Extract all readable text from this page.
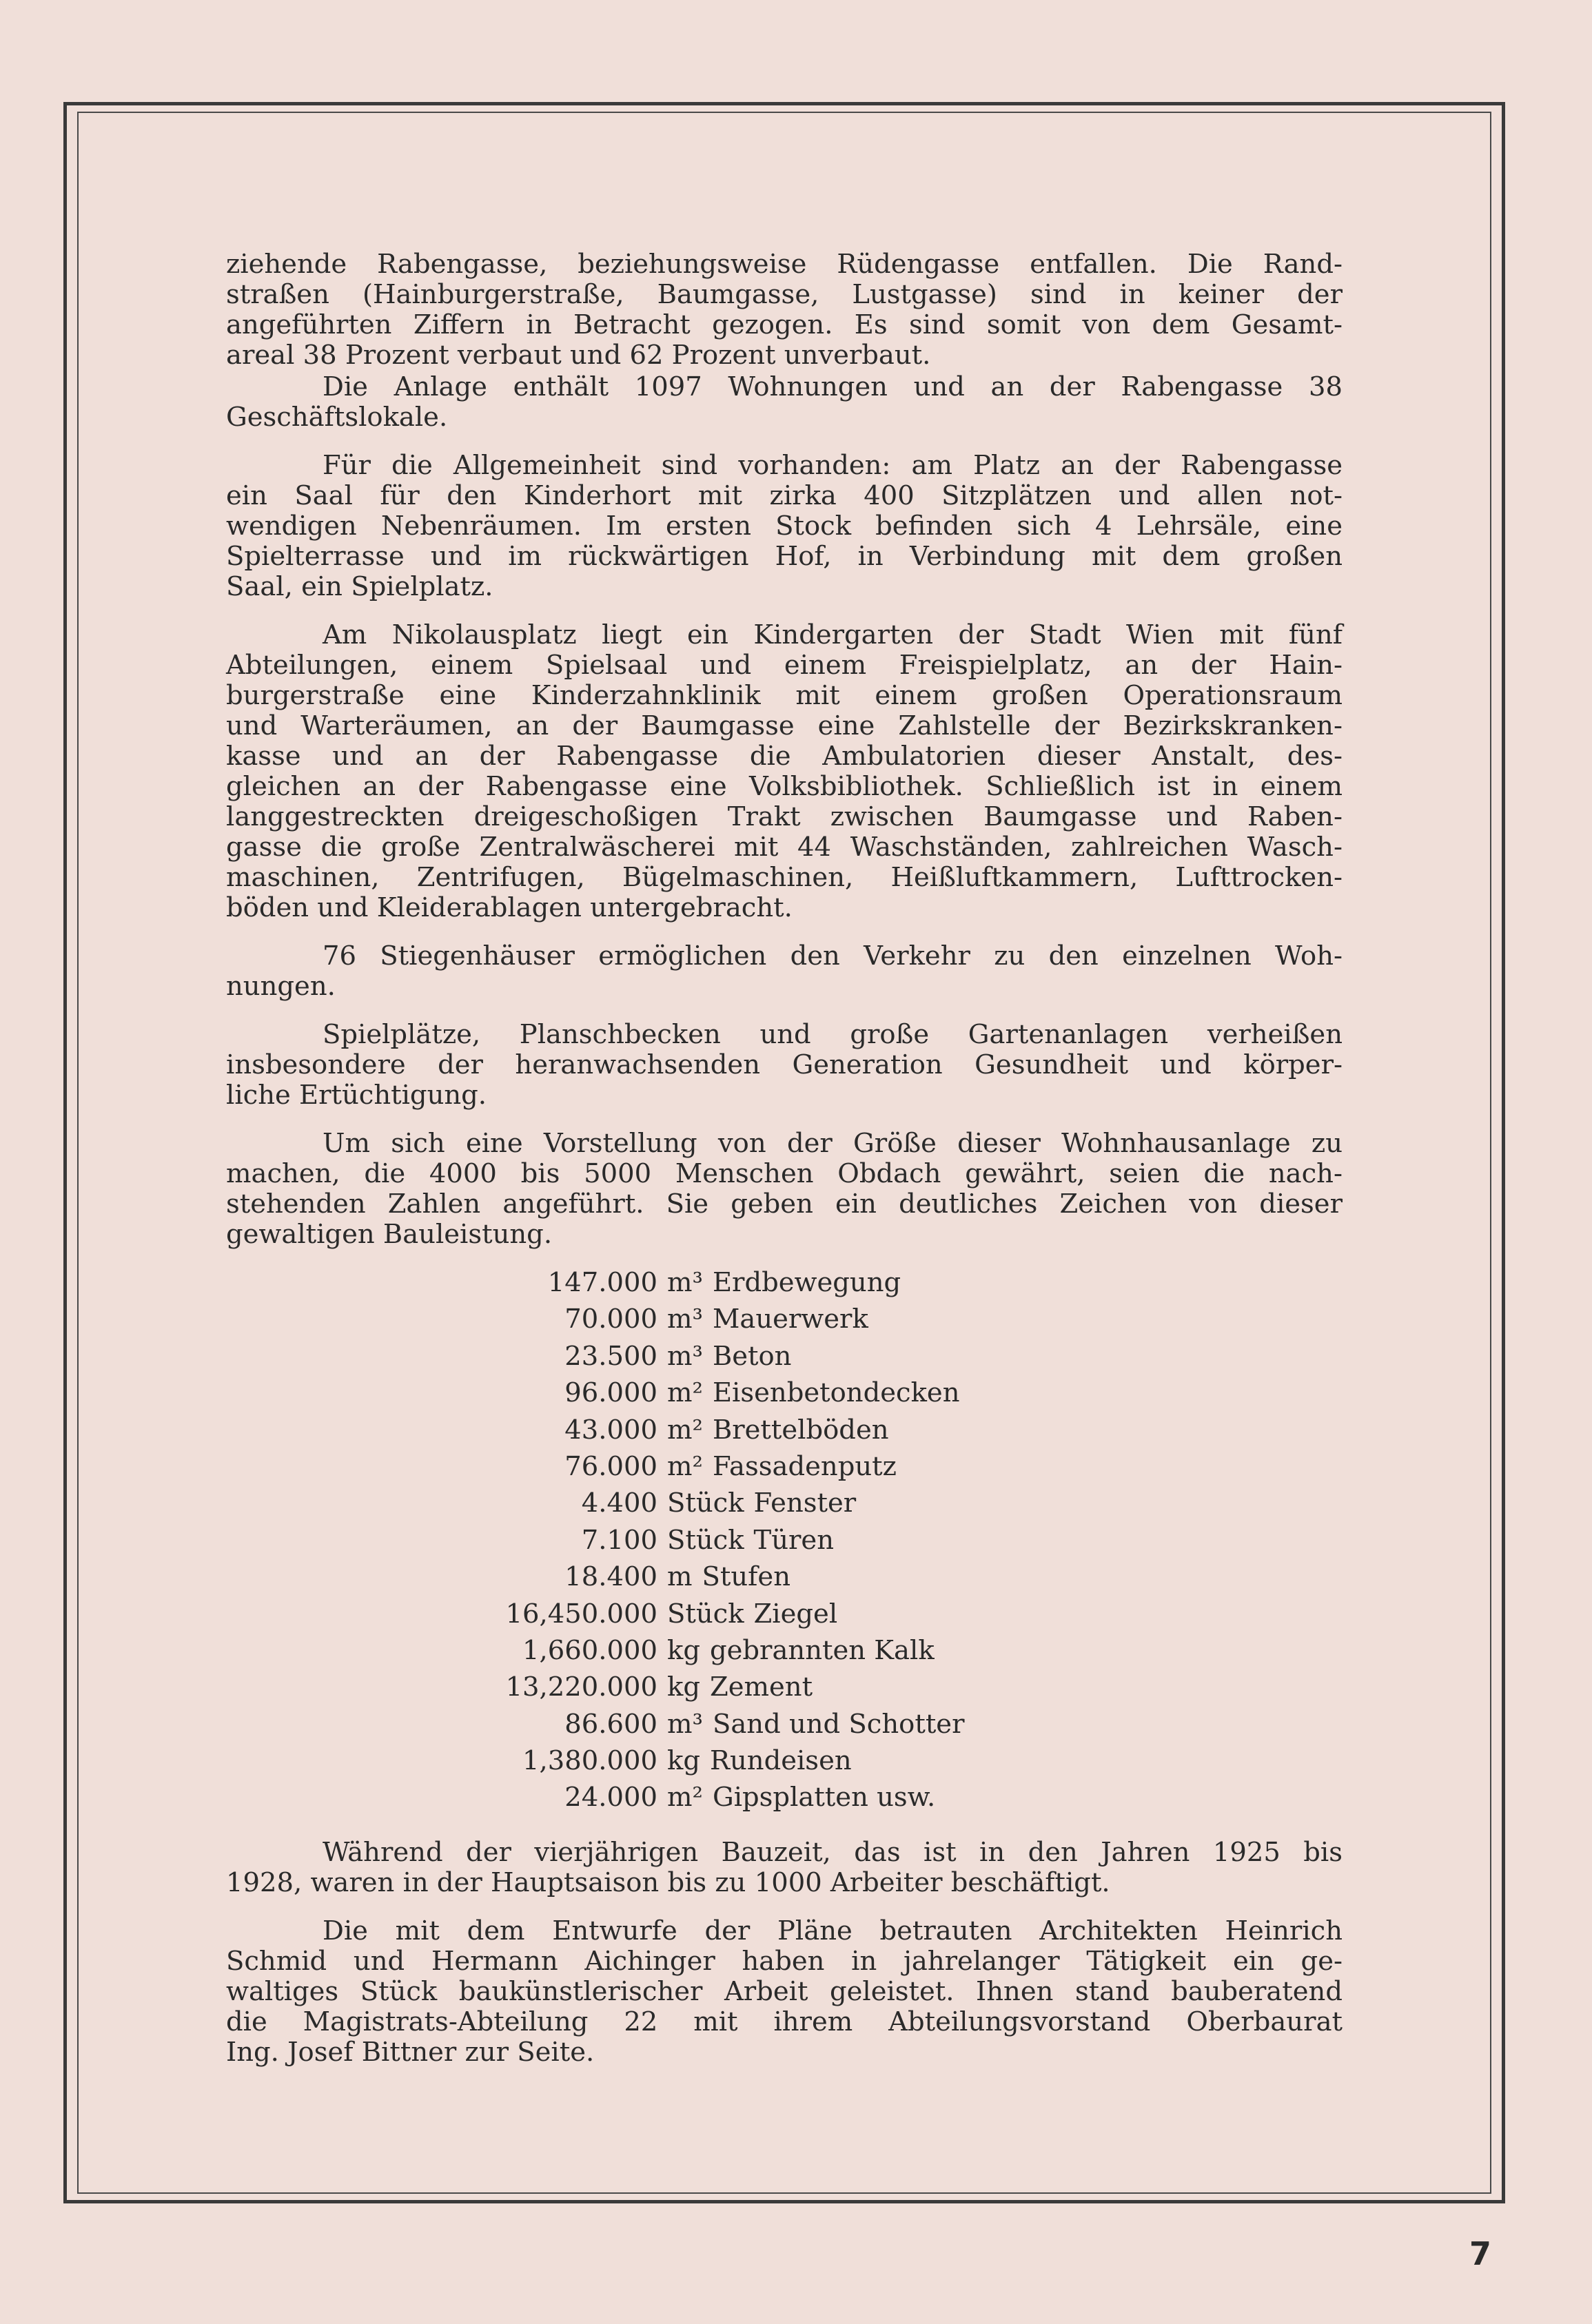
ziehende Rabengasse, beziehungsweise Rüdengasse entfallen. Die Rand-
straßen (Hainburgerstraße, Baumgasse, Lustgasse) sind in keiner der
angeführten Ziffern in Betracht gezogen. Es sind somit von dem Gesamt-
areal 38 Prozent verbaut und 62 Prozent unverbaut.
Die Anlage enthält 1097 Wohnungen und an der Rabengasse 38
Geschäftslokale.
Für die Allgemeinheit sind vorhanden: am Platz an der Rabengasse
ein Saal für den Kinderhort mit zirka 400 Sitzplätzen und allen not-
wendigen Nebenräumen. Im ersten Stock befinden sich 4 Lehrsäle, eine
Spielterrasse und im rückwärtigen Hof, in Verbindung mit dem großen
Saal, ein Spielplatz.
Am Nikolausplatz liegt ein Kindergarten der Stadt Wien mit fünf
Abteilungen, einem Spielsaal und einem Freispielplatz, an der Hain-
burgerstraße eine Kinderzahnklinik mit einem großen Operationsraum
und Warteräumen, an der Baumgasse eine Zahlstelle der Bezirkskranken-
kasse und an der Rabengasse die Ambulatorien dieser Anstalt, des-
gleichen an der Rabengasse eine Volksbibliothek. Schließlich ist in einem
langgestreckten dreigeschoßigen Trakt zwischen Baumgasse und Raben-
gasse die große Zentralwäscherei mit 44 Waschständen, zahlreichen Wasch-
maschinen, Zentrifugen, Bügelmaschinen, Heißluftkammern, Lufttrocken-
böden und Kleiderablagen untergebracht.
76 Stiegenhäuser ermöglichen den Verkehr zu den einzelnen Woh-
nungen.
Spielplätze, Planschbecken und große Gartenanlagen verheißen
insbesondere der heranwachsenden Generation Gesundheit und körper-
liche Ertüchtigung.
Um sich eine Vorstellung von der Größe dieser Wohnhausanlage zu
machen, die 4000 bis 5000 Menschen Obdach gewährt, seien die nach-
stehenden Zahlen angeführt. Sie geben ein deutliches Zeichen von dieser
gewaltigen Bauleistung.
147.000 m³ Erdbewegung
70.000 m³ Mauerwerk
23.500 m³ Beton
96.000 m² Eisenbetondecken
43.000 m² Brettelböden
76.000 m² Fassadenputz
4.400 Stück Fenster
7.100 Stück Türen
18.400 m Stufen
16,450.000 Stück Ziegel
1,660.000 kg gebrannten Kalk
13,220.000 kg Zement
86.600 m³ Sand und Schotter
1,380.000 kg Rundeisen
24.000 m² Gipsplatten usw.
Während der vierjährigen Bauzeit, das ist in den Jahren 1925 bis
1928, waren in der Hauptsaison bis zu 1000 Arbeiter beschäftigt.
Die mit dem Entwurfe der Pläne betrauten Architekten Heinrich
Schmid und Hermann Aichinger haben in jahrelanger Tätigkeit ein ge-
waltiges Stück baukünstlerischer Arbeit geleistet. Ihnen stand bauberatend
die Magistrats-Abteilung 22 mit ihrem Abteilungsvorstand Oberbaurat
Ing. Josef Bittner zur Seite.
7
